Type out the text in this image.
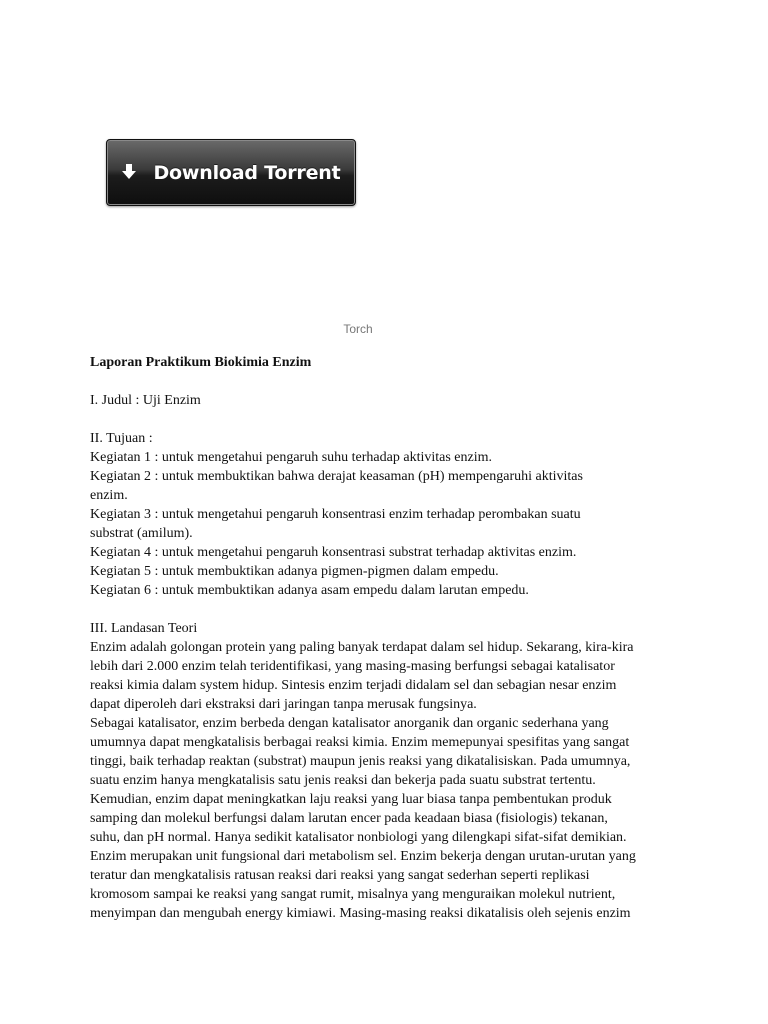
Download Torrent
Torch

Laporan Praktikum Biokimia Enzim

I. Judul : Uji Enzim

II. Tujuan :

Kegiatan 1 : untuk mengetahui pengaruh suhu terhadap aktivitas enzim.

Kegiatan 2 : untuk membuktikan bahwa derajat keasaman (pH) mempengaruhi aktivitas

enzim.

Kegiatan 3 : untuk mengetahui pengaruh konsentrasi enzim terhadap perombakan suatu

substrat (amilum).

Kegiatan 4 : untuk mengetahui pengaruh konsentrasi substrat terhadap aktivitas enzim.

Kegiatan 5 : untuk membuktikan adanya pigmen-pigmen dalam empedu.

Kegiatan 6 : untuk membuktikan adanya asam empedu dalam larutan empedu.

III. Landasan Teori

Enzim adalah golongan protein yang paling banyak terdapat dalam sel hidup. Sekarang, kira-kira

lebih dari 2.000 enzim telah teridentifikasi, yang masing-masing berfungsi sebagai katalisator

reaksi kimia dalam system hidup. Sintesis enzim terjadi didalam sel dan sebagian nesar enzim

dapat diperoleh dari ekstraksi dari jaringan tanpa merusak fungsinya.

Sebagai katalisator, enzim berbeda dengan katalisator anorganik dan organic sederhana yang

umumnya dapat mengkatalisis berbagai reaksi kimia. Enzim memepunyai spesifitas yang sangat

tinggi, baik terhadap reaktan (substrat) maupun jenis reaksi yang dikatalisiskan. Pada umumnya,

suatu enzim hanya mengkatalisis satu jenis reaksi dan bekerja pada suatu substrat tertentu.

Kemudian, enzim dapat meningkatkan laju reaksi yang luar biasa tanpa pembentukan produk

samping dan molekul berfungsi dalam larutan encer pada keadaan biasa (fisiologis) tekanan,

suhu, dan pH normal. Hanya sedikit katalisator nonbiologi yang dilengkapi sifat-sifat demikian.

Enzim merupakan unit fungsional dari metabolism sel. Enzim bekerja dengan urutan-urutan yang

teratur dan mengkatalisis ratusan reaksi dari reaksi yang sangat sederhan seperti replikasi

kromosom sampai ke reaksi yang sangat rumit, misalnya yang menguraikan molekul nutrient,

menyimpan dan mengubah energy kimiawi. Masing-masing reaksi dikatalisis oleh sejenis enzim
